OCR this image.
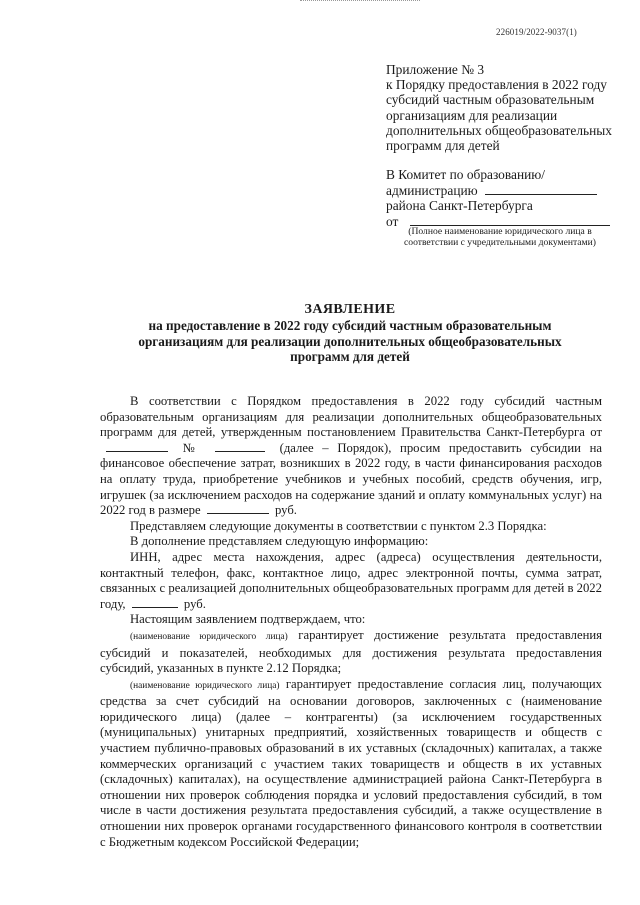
226019/2022-9037(1)
Приложение № 3
к Порядку предоставления в 2022 году
субсидий частным образовательным
организациям для реализации
дополнительных общеобразовательных
программ для детей
В Комитет по образованию/
администрацию
района Санкт-Петербурга
от
(Полное наименование юридического лица в соответствии с учредительными документами)
ЗАЯВЛЕНИЕ
на предоставление в 2022 году субсидий частным образовательным
организациям для реализации дополнительных общеобразовательных
программ для детей

В соответствии с Порядком предоставления в 2022 году субсидий частным образовательным организациям для реализации дополнительных общеобразовательных программ для детей, утвержденным постановлением Правительства Санкт-Петербурга от  №	(далее – Порядок), просим предоставить субсидии на финансовое обеспечение затрат, возникших в 2022 году, в части финансирования расходов на оплату труда, приобретение учебников и учебных пособий, средств обучения, игр, игрушек (за исключением расходов на содержание зданий и оплату коммунальных услуг) на 2022 год в размере	руб.

Представляем следующие документы в соответствии с пунктом 2.3 Порядка:

В дополнение представляем следующую информацию:

ИНН, адрес места нахождения, адрес (адреса) осуществления деятельности, контактный телефон, факс, контактное лицо, адрес электронной почты, сумма затрат, связанных с реализацией дополнительных общеобразовательных программ для детей в 2022 году,	руб.

Настоящим заявлением подтверждаем, что:

(наименование юридического лица) гарантирует достижение результата предоставления субсидий и показателей, необходимых для достижения результата предоставления субсидий, указанных в пункте 2.12 Порядка;

(наименование юридического лица) гарантирует предоставление согласия лиц, получающих средства за счет субсидий на основании договоров, заключенных с (наименование юридического лица) (далее – контрагенты) (за исключением государственных (муниципальных) унитарных предприятий, хозяйственных товариществ и обществ с участием публично-правовых образований в их уставных (складочных) капиталах, а также коммерческих организаций с участием таких товариществ и обществ в их уставных (складочных) капиталах), на осуществление администрацией района Санкт-Петербурга в отношении них проверок соблюдения порядка и условий предоставления субсидий, в том числе в части достижения результата предоставления субсидий, а также осуществление в отношении них проверок органами государственного финансового контроля в соответствии с Бюджетным кодексом Российской Федерации;
